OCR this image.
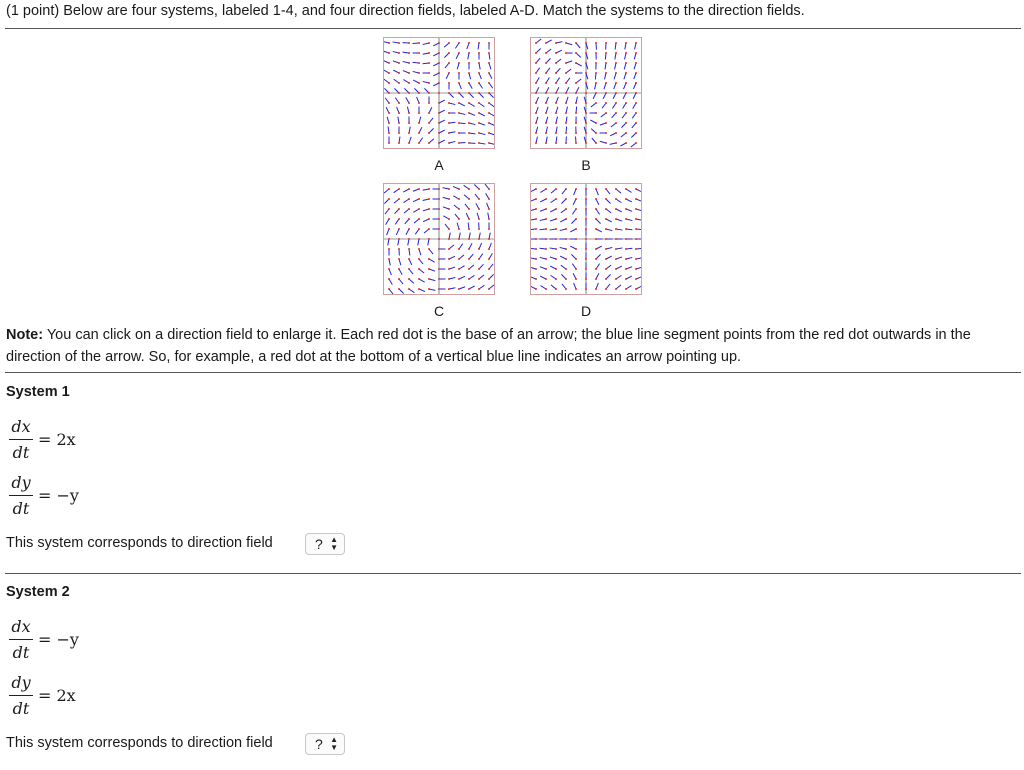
(1 point) Below are four systems, labeled 1-4, and four direction fields, labeled A-D. Match the systems to the direction fields.
A	B
C	D
Note: You can click on a direction field to enlarge it. Each red dot is the base of an arrow; the blue line segment points from the red dot outwards in the direction of the arrow. So, for example, a red dot at the bottom of a vertical blue line indicates an arrow pointing up.
System 1
dx
dt
= 2x
dy
dt
= −y
This system corresponds to direction field	? ▲
▼
System 2
dx
dt
= −y
dy
dt
= 2x
This system corresponds to direction field	? ▲
▼
